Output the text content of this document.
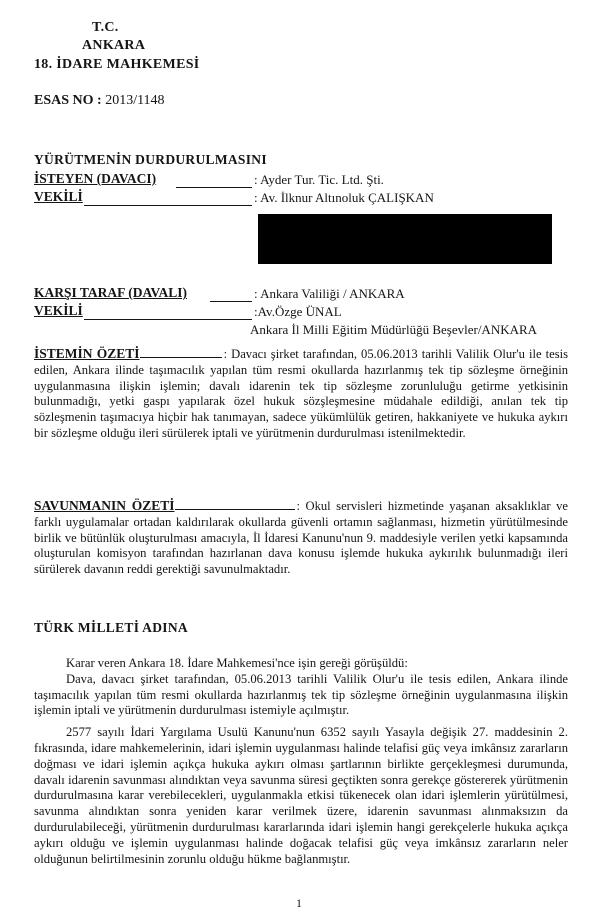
T.C.
ANKARA
18. İDARE MAHKEMESİ
ESAS NO : 2013/1148
YÜRÜTMENİN DURDURULMASINI
İSTEYEN (DAVACI)	: Ayder Tur. Tic. Ltd. Şti.
VEKİLİ	: Av. İlknur Altınoluk ÇALIŞKAN
KARŞI TARAF (DAVALI)	: Ankara Valiliği / ANKARA
VEKİLİ	:Av.Özge ÜNAL
Ankara İl Milli Eğitim Müdürlüğü Beşevler/ANKARA
İSTEMİN ÖZETİ	: Davacı şirket tarafından, 05.06.2013 tarihli Valilik Olur'u ile tesis edilen, Ankara ilinde taşımacılık yapılan tüm resmi okullarda hazırlanmış tek tip sözleşme örneğinin uygulanmasına ilişkin işlemin; davalı idarenin tek tip sözleşme zorunluluğu getirme yetkisinin bulunmadığı, yetki gaspı yapılarak özel hukuk sözşleşmesine müdahale edildiği, anılan tek tip sözleşmenin taşımacıya hiçbir hak tanımayan, sadece yükümlülük getiren, hakkaniyete ve hukuka aykırı bir sözleşme olduğu ileri sürülerek iptali ve yürütmenin durdurulması istenilmektedir.
SAVUNMANIN ÖZETİ	: Okul servisleri hizmetinde yaşanan aksaklıklar ve farklı uygulamalar ortadan kaldırılarak okullarda güvenli ortamın sağlanması, hizmetin yürütülmesinde birlik ve bütünlük oluşturulması amacıyla, İl İdaresi Kanunu'nun 9. maddesiyle verilen yetki kapsamında oluşturulan komisyon tarafından hazırlanan dava konusu işlemde hukuka aykırılık bulunmadığı ileri sürülerek davanın reddi gerektiği savunulmaktadır.
TÜRK MİLLETİ ADINA

Karar veren Ankara 18. İdare Mahkemesi'nce işin gereği görüşüldü:

Dava, davacı şirket tarafından, 05.06.2013 tarihli Valilik Olur'u ile tesis edilen, Ankara ilinde taşımacılık yapılan tüm resmi okullarda hazırlanmış tek tip sözleşme örneğinin uygulanmasına ilişkin işlemin iptali ve yürütmenin durdurulması istemiyle açılmıştır.

2577 sayılı İdari Yargılama Usulü Kanunu'nun 6352 sayılı Yasayla değişik 27. maddesinin 2. fıkrasında, idare mahkemelerinin, idari işlemin uygulanması halinde telafisi güç veya imkânsız zararların doğması ve idari işlemin açıkça hukuka aykırı olması şartlarının birlikte gerçekleşmesi durumunda, davalı idarenin savunması alındıktan veya savunma süresi geçtikten sonra gerekçe göstererek yürütmenin durdurulmasına karar verebilecekleri, uygulanmakla etkisi tükenecek olan idari işlemlerin yürütülmesi, savunma alındıktan sonra yeniden karar verilmek üzere, idarenin savunması alınmaksızın da durdurulabileceği, yürütmenin durdurulması kararlarında idari işlemin hangi gerekçelerle hukuka açıkça aykırı olduğu ve işlemin uygulanması halinde doğacak telafisi güç veya imkânsız zararların neler olduğunun belirtilmesinin zorunlu olduğu hükme bağlanmıştır.

1
